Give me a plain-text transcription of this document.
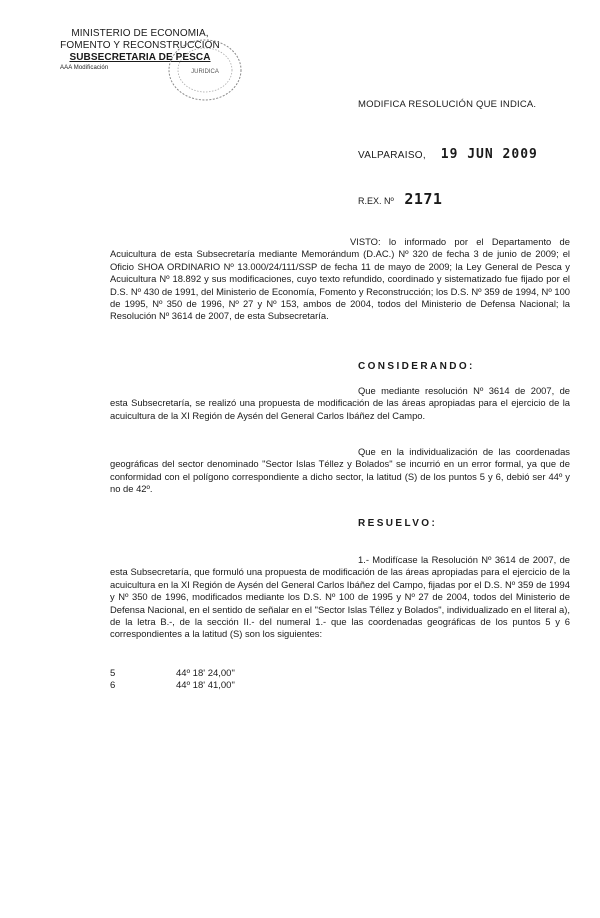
MINISTERIO DE ECONOMIA,
FOMENTO Y RECONSTRUCCION
SUBSECRETARIA DE PESCA
AAA Modificación
JURIDICA
MODIFICA RESOLUCIÓN QUE INDICA.
VALPARAISO, 19 JUN 2009
R.EX. Nº 2171
VISTO: lo informado por el Departamento de Acuicultura de esta Subsecretaría mediante Memorándum (D.AC.) Nº 320 de fecha 3 de junio de 2009; el Oficio SHOA ORDINARIO Nº 13.000/24/111/SSP de fecha 11 de mayo de 2009; la Ley General de Pesca y Acuicultura Nº 18.892 y sus modificaciones, cuyo texto refundido, coordinado y sistematizado fue fijado por el D.S. Nº 430 de 1991, del Ministerio de Economía, Fomento y Reconstrucción; los D.S. Nº 359 de 1994, Nº 100 de 1995, Nº 350 de 1996, Nº 27 y Nº 153, ambos de 2004, todos del Ministerio de Defensa Nacional; la Resolución Nº 3614 de 2007, de esta Subsecretaría.
CONSIDERANDO:
Que mediante resolución Nº 3614 de 2007, de esta Subsecretaría, se realizó una propuesta de modificación de las áreas apropiadas para el ejercicio de la acuicultura de la XI Región de Aysén del General Carlos Ibáñez del Campo.
Que en la individualización de las coordenadas geográficas del sector denominado "Sector Islas Téllez y Bolados" se incurrió en un error formal, ya que de conformidad con el polígono correspondiente a dicho sector, la latitud (S) de los puntos 5 y 6, debió ser 44º y no de 42º.
RESUELVO:
1.- Modifícase la Resolución Nº 3614 de 2007, de esta Subsecretaría, que formuló una propuesta de modificación de las áreas apropiadas para el ejercicio de la acuicultura en la XI Región de Aysén del General Carlos Ibáñez del Campo, fijadas por el D.S. Nº 359 de 1994 y Nº 350 de 1996, modificados mediante los D.S. Nº 100 de 1995 y Nº 27 de 2004, todos del Ministerio de Defensa Nacional, en el sentido de señalar en el "Sector Islas Téllez y Bolados", individualizado en el literal a), de la letra B.-, de la sección II.- del numeral 1.- que las coordenadas geográficas de los puntos 5 y 6 correspondientes a la latitud (S) son los siguientes:
5	44º 18' 24,00"
6	44º 18' 41,00"
